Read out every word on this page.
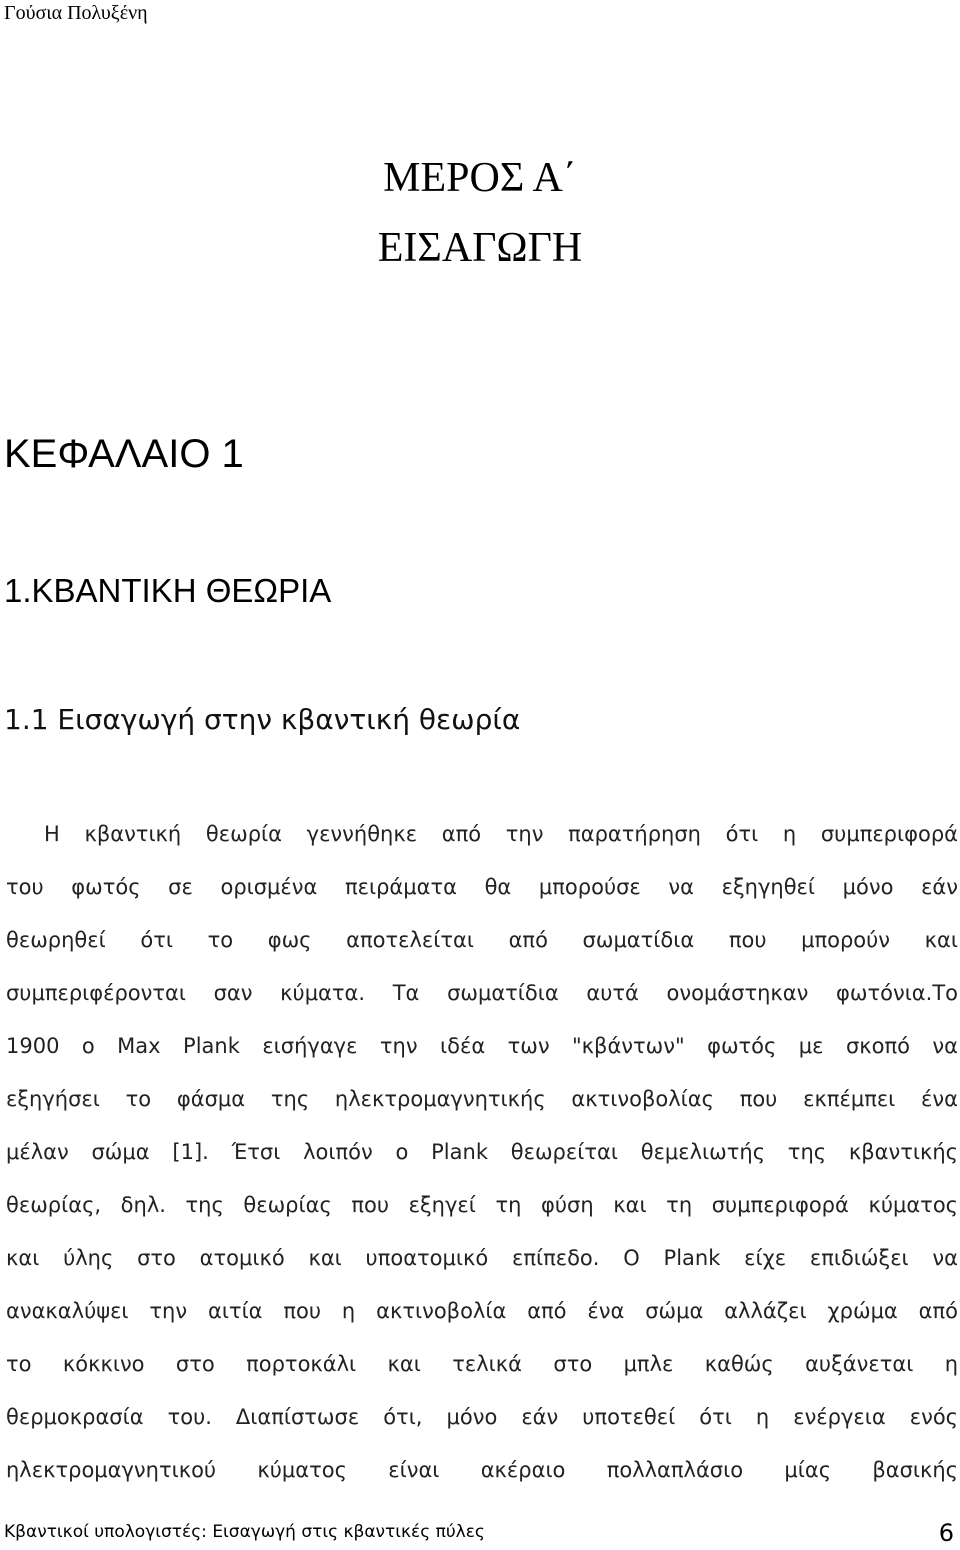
Γούσια Πολυξένη
ΜΕΡΟΣ Α΄
ΕΙΣΑΓΩΓΗ
ΚΕΦΑΛΑΙΟ 1
1.ΚΒΑΝΤΙΚΗ ΘΕΩΡΙΑ
1.1 Εισαγωγή στην κβαντική θεωρία
Η κβαντική θεωρία γεννήθηκε από την παρατήρηση ότι η συμπεριφορά
του φωτός σε ορισμένα πειράματα θα μπορούσε να εξηγηθεί μόνο εάν
θεωρηθεί ότι το φως αποτελείται από σωματίδια που μπορούν και
συμπεριφέρονται σαν κύματα. Τα σωματίδια αυτά ονομάστηκαν φωτόνια.Το
1900 ο Max Plank εισήγαγε την ιδέα των "κβάντων" φωτός με σκοπό να
εξηγήσει το φάσμα της ηλεκτρομαγνητικής ακτινοβολίας που εκπέμπει ένα
μέλαν σώμα [1]. Έτσι λοιπόν ο Plank θεωρείται θεμελιωτής της κβαντικής
θεωρίας, δηλ. της θεωρίας που εξηγεί τη φύση και τη συμπεριφορά κύματος
και ύλης στο ατομικό και υποατομικό επίπεδο. Ο Plank είχε επιδιώξει να
ανακαλύψει την αιτία που η ακτινοβολία από ένα σώμα αλλάζει χρώμα από
το κόκκινο στο πορτοκάλι και τελικά στο μπλε καθώς αυξάνεται η
θερμοκρασία του. Διαπίστωσε ότι, μόνο εάν υποτεθεί ότι η ενέργεια ενός
ηλεκτρομαγνητικού κύματος είναι ακέραιο πολλαπλάσιο μίας βασικής
Κβαντικοί υπολογιστές: Εισαγωγή στις κβαντικές πύλες	6
